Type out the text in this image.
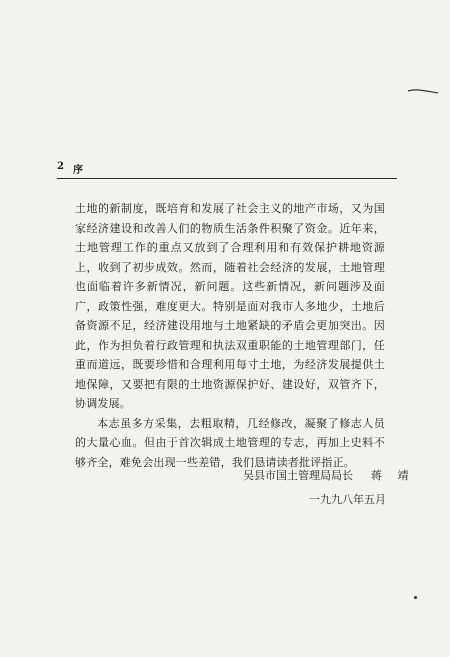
2 序

土地的新制度，既培育和发展了社会主义的地产市场，又为国家经济建设和改善人们的物质生活条件积聚了资金。近年来，土地管理工作的重点又放到了合理利用和有效保护耕地资源上，收到了初步成效。然而，随着社会经济的发展，土地管理也面临着许多新情况，新问题。这些新情况，新问题涉及面广，政策性强，难度更大。特别是面对我市人多地少，土地后备资源不足，经济建设用地与土地紧缺的矛盾会更加突出。因此，作为担负着行政管理和执法双重职能的土地管理部门，任重而道远，既要珍惜和合理利用每寸土地，为经济发展提供土地保障，又要把有限的土地资源保护好、建设好，双管齐下，协调发展。

本志虽多方采集，去粗取精，几经修改，凝聚了修志人员的大量心血。但由于首次辑成土地管理的专志，再加上史料不够齐全，难免会出现一些差错，我们恳请读者批评指正。

吴县市国土管理局局长 蒋 靖
一九九八年五月
